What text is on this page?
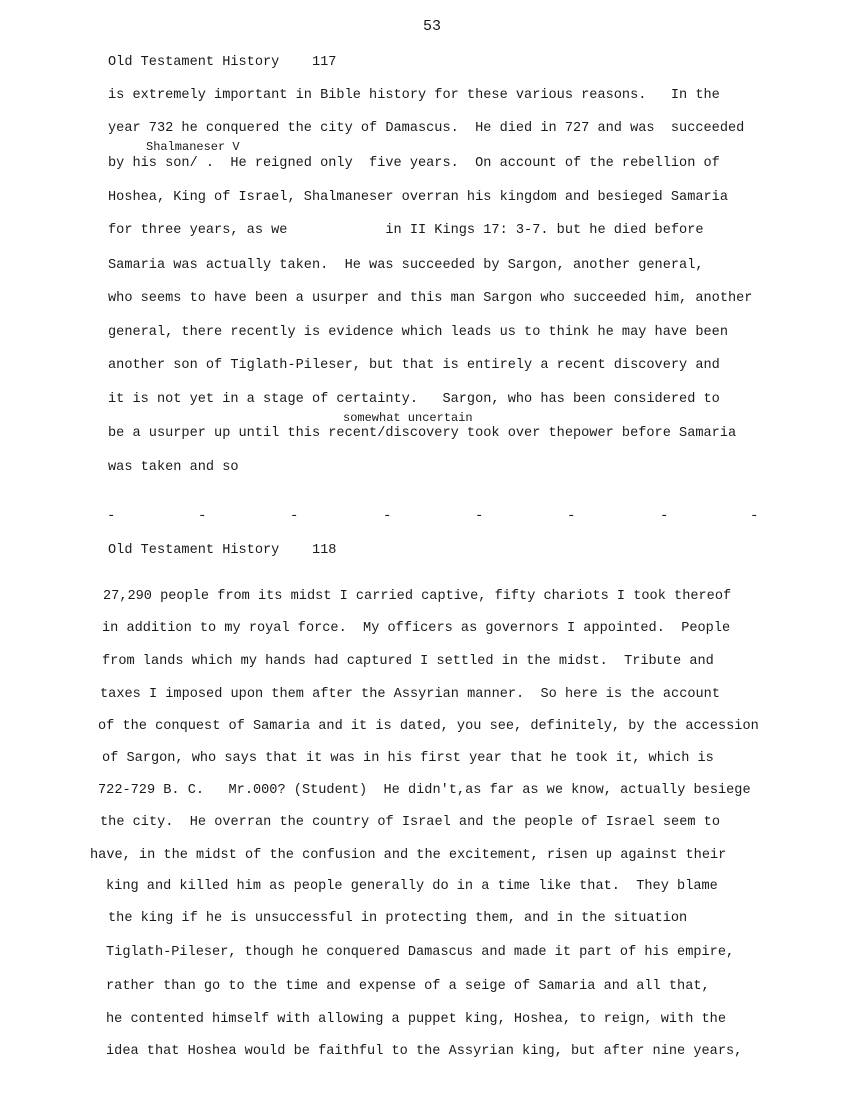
53
Old Testament History    117
is extremely important in Bible history for these various reasons.   In the
year 732 he conquered the city of Damascus.  He died in 727 and was  succeeded
Shalmaneser V
by his son/ .  He reigned only  five years.  On account of the rebellion of
Hoshea, King of Israel, Shalmaneser overran his kingdom and besieged Samaria
for three years, as we            in II Kings 17: 3-7. but he died before
Samaria was actually taken.  He was succeeded by Sargon, another general,
who seems to have been a usurper and this man Sargon who succeeded him, another
general, there recently is evidence which leads us to think he may have been
another son of Tiglath-Pileser, but that is entirely a recent discovery and
it is not yet in a stage of certainty.   Sargon, who has been considered to
somewhat uncertain
be a usurper up until this recent/discovery took over thepower before Samaria
was taken and so
-	-	-	-	-	-	-	-
Old Testament History    118
27,290 people from its midst I carried captive, fifty chariots I took thereof
in addition to my royal force.  My officers as governors I appointed.  People
from lands which my hands had captured I settled in the midst.  Tribute and
taxes I imposed upon them after the Assyrian manner.  So here is the account
of the conquest of Samaria and it is dated, you see, definitely, by the accession
of Sargon, who says that it was in his first year that he took it, which is
722-729 B. C.   Mr.000? (Student)  He didn't,as far as we know, actually besiege
the city.  He overran the country of Israel and the people of Israel seem to
have, in the midst of the confusion and the excitement, risen up against their
king and killed him as people generally do in a time like that.  They blame
the king if he is unsuccessful in protecting them, and in the situation
Tiglath-Pileser, though he conquered Damascus and made it part of his empire,
rather than go to the time and expense of a seige of Samaria and all that,
he contented himself with allowing a puppet king, Hoshea, to reign, with the
idea that Hoshea would be faithful to the Assyrian king, but after nine years,
